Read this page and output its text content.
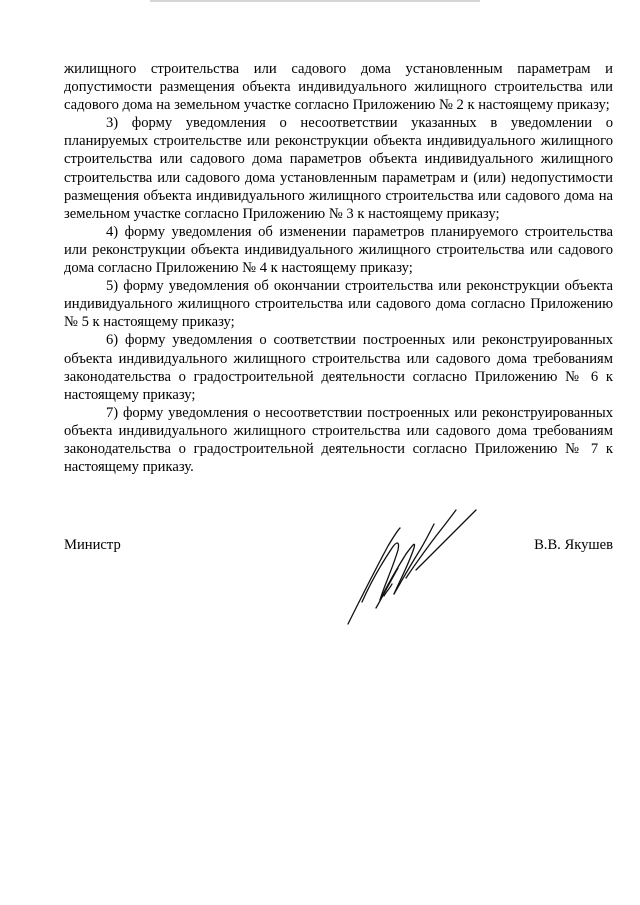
жилищного строительства или садового дома установленным параметрам и допустимости размещения объекта индивидуального жилищного строительства или садового дома на земельном участке согласно Приложению № 2 к настоящему приказу;

3) форму уведомления о несоответствии указанных в уведомлении о планируемых строительстве или реконструкции объекта индивидуального жилищного строительства или садового дома параметров объекта индивидуального жилищного строительства или садового дома установленным параметрам и (или) недопустимости размещения объекта индивидуального жилищного строительства или садового дома на земельном участке согласно Приложению № 3 к настоящему приказу;

4) форму уведомления об изменении параметров планируемого строительства или реконструкции объекта индивидуального жилищного строительства или садового дома согласно Приложению № 4 к настоящему приказу;

5) форму уведомления об окончании строительства или реконструкции объекта индивидуального жилищного строительства или садового дома согласно Приложению № 5 к настоящему приказу;

6) форму уведомления о соответствии построенных или реконструированных объекта индивидуального жилищного строительства или садового дома требованиям законодательства о градостроительной деятельности согласно Приложению № 6 к настоящему приказу;

7) форму уведомления о несоответствии построенных или реконструированных объекта индивидуального жилищного строительства или садового дома требованиям законодательства о градостроительной деятельности согласно Приложению № 7 к настоящему приказу.

Министр	В.В. Якушев
